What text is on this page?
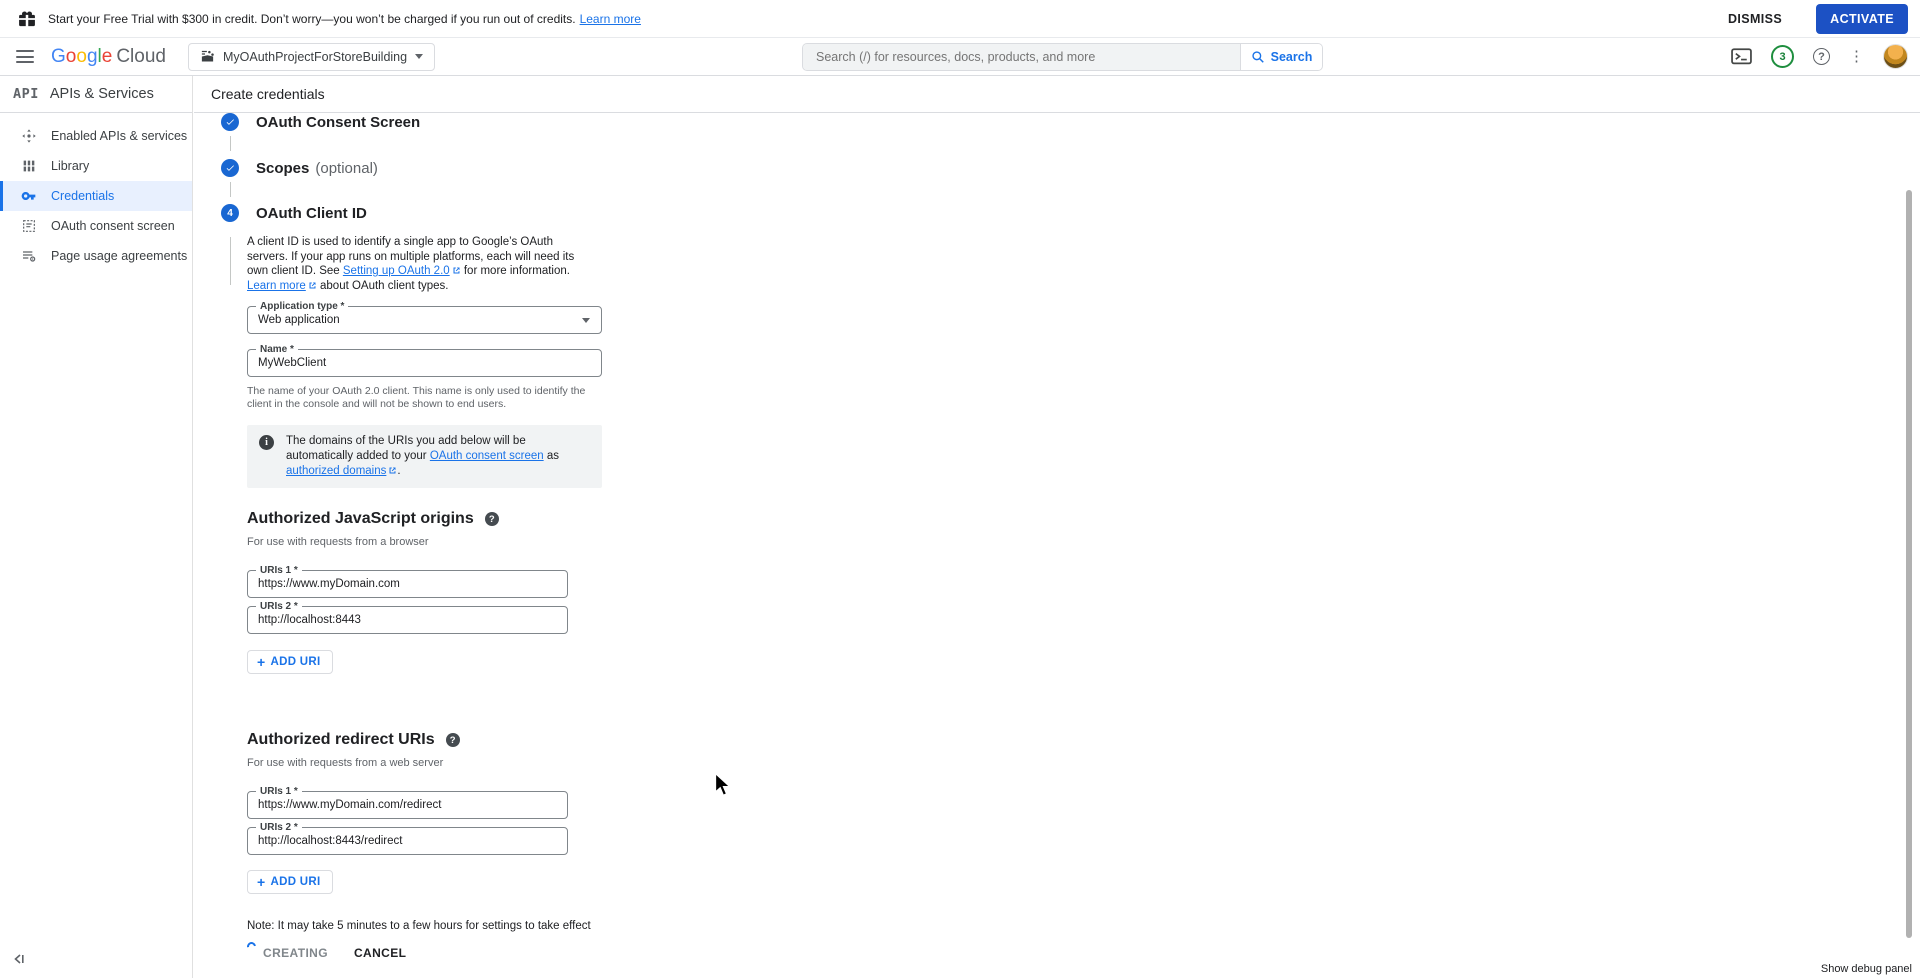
Start your Free Trial with $300 in credit. Don’t worry—you won’t be charged if you run out of credits. Learn more	DISMISS	ACTIVATE
Google Cloud	MyOAuthProjectForStoreBuilding
Search (/) for resources, docs, products, and more	Search	3	?	⋮
API APIs & Services
Enabled APIs & services
Library
Credentials
OAuth consent screen
Page usage agreements
Create credentials
OAuth Consent Screen
Scopes (optional)
4	OAuth Client ID

A client ID is used to identify a single app to Google’s OAuth servers. If your app runs on multiple platforms, each will need its own client ID. See Setting up OAuth 2.0 for more information. Learn more about OAuth client types.

Application type *
Web application
Name *
MyWebClient
The name of your OAuth 2.0 client. This name is only used to identify the client in the console and will not be shown to end users.
i	The domains of the URIs you add below will be automatically added to your OAuth consent screen as authorized domains .
Authorized JavaScript origins	?
For use with requests from a browser
URIs 1 *
https://www.myDomain.com
URIs 2 *
http://localhost:8443
+ ADD URI
Authorized redirect URIs	?
For use with requests from a web server
URIs 1 *
https://www.myDomain.com/redirect
URIs 2 *
http://localhost:8443/redirect
+ ADD URI
Note: It may take 5 minutes to a few hours for settings to take effect
CREATING CANCEL
Show debug panel
